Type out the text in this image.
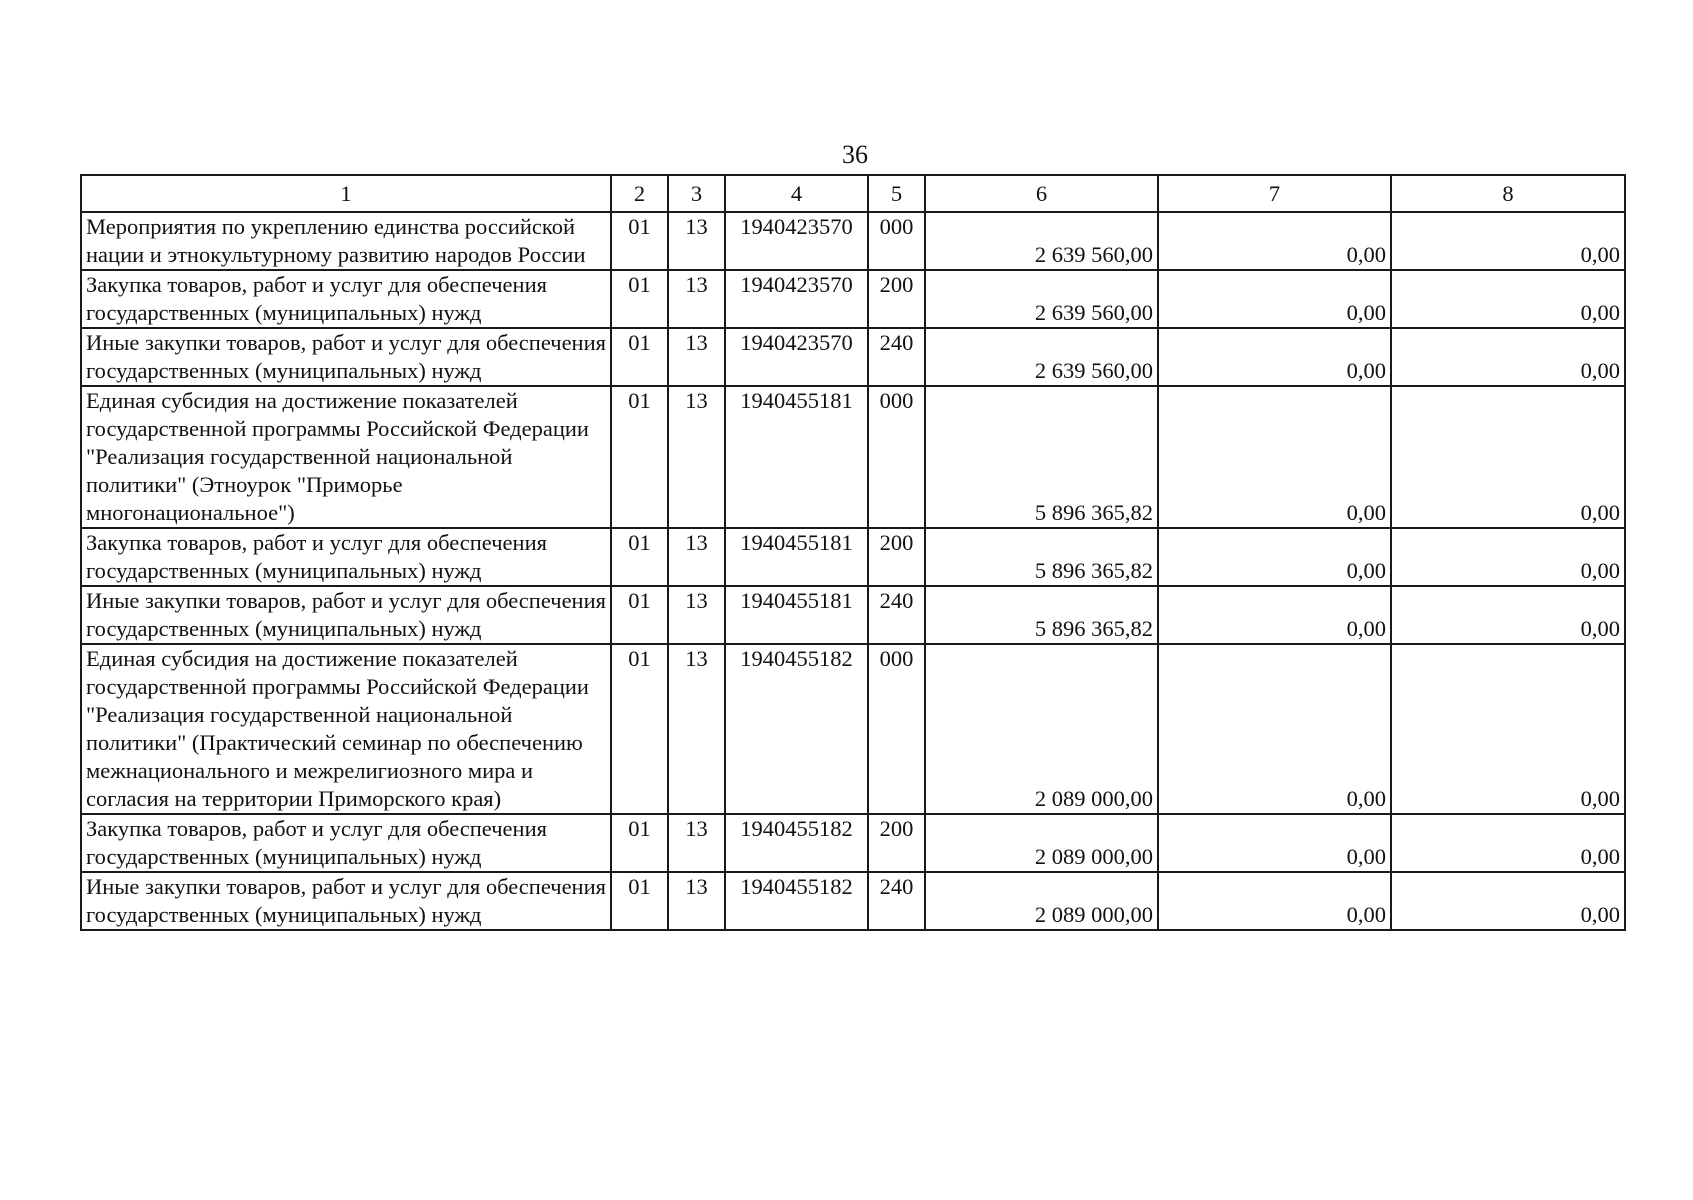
36
1	2	3	4	5	6	7	8
Мероприятия по укреплению единства российской нации и этнокультурному развитию народов России	01	13	1940423570	000	2 639 560,00	0,00	0,00
Закупка товаров, работ и услуг для обеспечения государственных (муниципальных) нужд	01	13	1940423570	200	2 639 560,00	0,00	0,00
Иные закупки товаров, работ и услуг для обеспечения государственных (муниципальных) нужд	01	13	1940423570	240	2 639 560,00	0,00	0,00
Единая субсидия на достижение показателей государственной программы Российской Федерации "Реализация государственной национальной политики" (Этноурок "Приморье многонациональное")	01	13	1940455181	000	5 896 365,82	0,00	0,00
Закупка товаров, работ и услуг для обеспечения государственных (муниципальных) нужд	01	13	1940455181	200	5 896 365,82	0,00	0,00
Иные закупки товаров, работ и услуг для обеспечения государственных (муниципальных) нужд	01	13	1940455181	240	5 896 365,82	0,00	0,00
Единая субсидия на достижение показателей государственной программы Российской Федерации "Реализация государственной национальной политики" (Практический семинар по обеспечению межнационального и межрелигиозного мира и согласия на территории Приморского края)	01	13	1940455182	000	2 089 000,00	0,00	0,00
Закупка товаров, работ и услуг для обеспечения государственных (муниципальных) нужд	01	13	1940455182	200	2 089 000,00	0,00	0,00
Иные закупки товаров, работ и услуг для обеспечения государственных (муниципальных) нужд	01	13	1940455182	240	2 089 000,00	0,00	0,00
